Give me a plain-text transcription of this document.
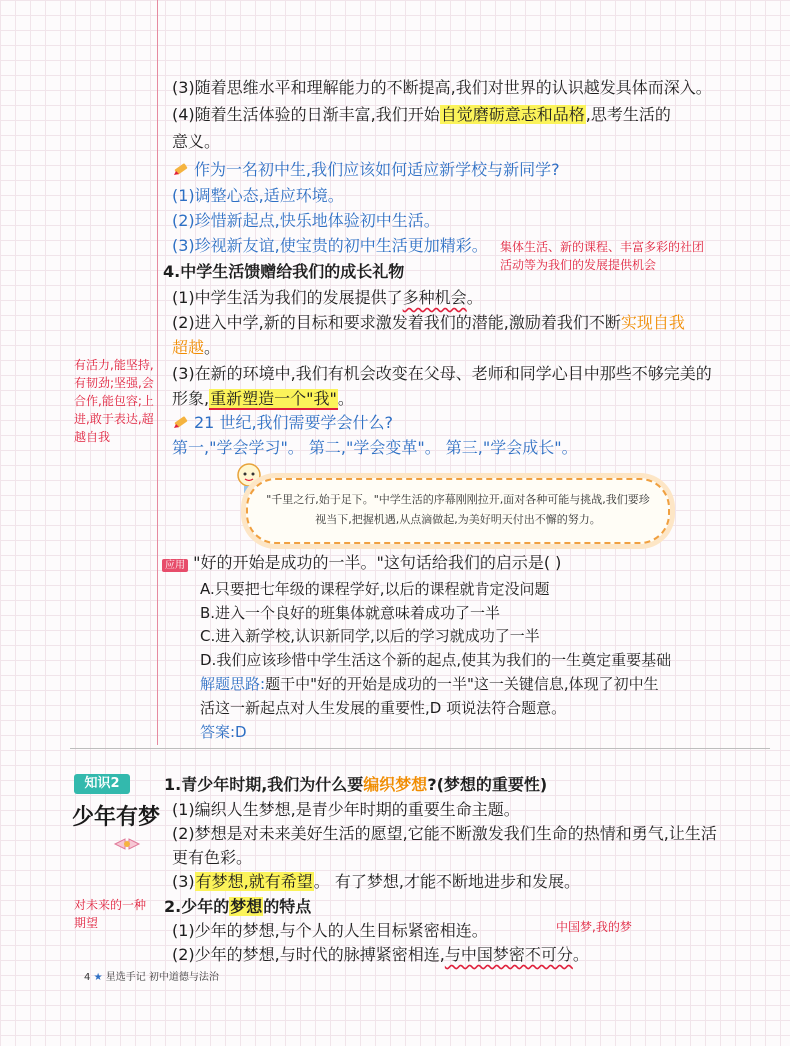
(3)随着思维水平和理解能力的不断提高,我们对世界的认识越发具体而深入。
(4)随着生活体验的日渐丰富,我们开始自觉磨砺意志和品格,思考生活的
意义。
作为一名初中生,我们应该如何适应新学校与新同学?
(1)调整心态,适应环境。
(2)珍惜新起点,快乐地体验初中生活。
(3)珍视新友谊,使宝贵的初中生活更加精彩。 集体生活、新的课程、丰富多彩的社团活动等为我们的发展提供机会
4.中学生活馈赠给我们的成长礼物
(1)中学生活为我们的发展提供了多种机会。
(2)进入中学,新的目标和要求激发着我们的潜能,激励着我们不断实现自我
超越。
(3)在新的环境中,我们有机会改变在父母、老师和同学心目中那些不够完美的
形象,重新塑造一个"我"。
有活力,能坚持,有韧劲;坚强,会合作,能包容;上进,敢于表达,超越自我
21 世纪,我们需要学会什么?
第一,"学会学习"。 第二,"学会变革"。 第三,"学会成长"。
"千里之行,始于足下。"中学生活的序幕刚刚拉开,面对各种可能与挑战,我们要珍视当下,把握机遇,从点滴做起,为美好明天付出不懈的努力。
应用 "好的开始是成功的一半。"这句话给我们的启示是( )
A.只要把七年级的课程学好,以后的课程就肯定没问题
B.进入一个良好的班集体就意味着成功了一半
C.进入新学校,认识新同学,以后的学习就成功了一半
D.我们应该珍惜中学生活这个新的起点,使其为我们的一生奠定重要基础
解题思路:题干中"好的开始是成功的一半"这一关键信息,体现了初中生
活这一新起点对人生发展的重要性,D 项说法符合题意。
答案:D
知识2
少年有梦
1.青少年时期,我们为什么要编织梦想?(梦想的重要性)
(1)编织人生梦想,是青少年时期的重要生命主题。
(2)梦想是对未来美好生活的愿望,它能不断激发我们生命的热情和勇气,让生活
更有色彩。
(3)有梦想,就有希望。 有了梦想,才能不断地进步和发展。
对未来的一种期望
2.少年的梦想的特点
(1)少年的梦想,与个人的人生目标紧密相连。
(2)少年的梦想,与时代的脉搏紧密相连,与中国梦密不可分。
中国梦,我的梦
4 ★ 星选手记 初中道德与法治
